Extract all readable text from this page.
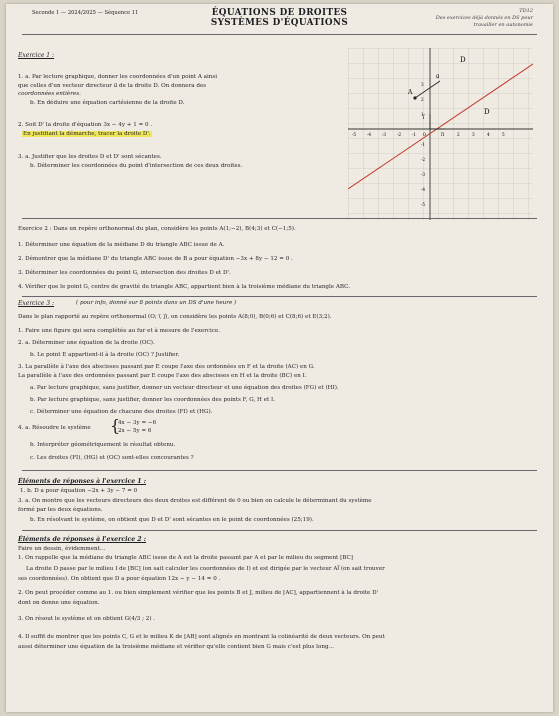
Seconde 1 — 2024/2025 — Séquence 11	ÉQUATIONS DE DROITES
SYSTÈMES D'ÉQUATIONS
TD12
Des exercices déjà donnés en DS pour travailler en autonomie
Exercice 1 :
1. a. Par lecture graphique, donner les coordonnées d'un point A ainsi
que celles d'un vecteur directeur u⃗ de la droite D. On donnera des
coordonnées entières.
b. En déduire une équation cartésienne de la droite D.
2. Soit D' la droite d'équation 3x − 4y + 1 = 0 .
En justifiant la démarche, tracer la droite D'.
3. a. Justifier que les droites D et D' sont sécantes.
b. Déterminer les coordonnées du point d'intersection de ces deux droites.
D
A
u⃗
j⃗
0	i⃗
D
-5	-4	-3	-2	-1	1	2	3	4	5
3
2
1
-1
-2
-3
-4
-5
Exercice 2 : Dans un repère orthonormal du plan, considère les points A(1;−2), B(4;3) et C(−1;5).
1. Déterminer une équation de la médiane D du triangle ABC issue de A.
2. Démontrer que la médiane D' du triangle ABC issue de B a pour équation −3x + 8y − 12 = 0 .
3. Déterminer les coordonnées du point G, intersection des droites D et D'.
4. Vérifier que le point G, centre de gravité du triangle ABC, appartient bien à la troisième médiane du triangle ABC.
Exercice 3 :	( pour info, donné sur 8 points dans un DS d'une heure )
Dans le plan rapporté au repère orthonormal (O; i⃗, j⃗), on considère les points A(8;0), B(0;6) et C(8;6) et E(3;2).
1. Faire une figure qui sera complétée au fur et à mesure de l'exercice.
2. a. Déterminer une équation de la droite (OC).
b. Le point E appartient-il à la droite (OC) ? Justifier.
3. La parallèle à l'axe des abscisses passant par E coupe l'axe des ordonnées en F et la droite (AC) en G.
La parallèle à l'axe des ordonnées passant par E coupe l'axe des abscisses en H et la droite (BC) en I.
a. Par lecture graphique, sans justifier, donner un vecteur directeur et une équation des droites (FG) et (HI).
b. Par lecture graphique, sans justifier, donner les coordonnées des points F, G, H et I.
c. Déterminer une équation de chacune des droites (FI) et (HG).
4. a. Résoudre le système {
4x − 3y = −6
2x − 5y = 6
b. Interpréter géométriquement le résultat obtenu.
c. Les droites (FI), (HG) et (OC) sont-elles concourantes ?
Éléments de réponses à l'exercice 1 :
1. b. D a pour équation −2x + 3y − 7 = 0
3. a. On montre que les vecteurs directeurs des deux droites est différent de 0 ou bien on calcule le déterminant du système
formé par les deux équations.
b. En résolvant le système, on obtient que D et D' sont sécantes en le point de coordonnées (25;19).
Éléments de réponses à l'exercice 2 :
Faire un dessin, évidemment...
1. On rappelle que la médiane du triangle ABC issue de A est la droite passant par A et par le milieu du segment [BC]
La droite D passe par le milieu I de [BC] (on sait calculer les coordonnées de I) et est dirigée par le vecteur AI⃗ (on sait trouver
ses coordonnées). On obtient que D a pour équation 12x − y − 14 = 0 .
2. On peut procéder comme au 1. ou bien simplement vérifier que les points B et J, milieu de [AC], appartiennent à la droite D'
dont on donne une équation.
3. On résout le système et on obtient G(4/3 ; 2) .
4. Il suffit de montrer que les points C, G et le milieu K de [AB] sont alignés en montrant la colinéarité de deux vecteurs. On peut
aussi déterminer une équation de la troisième médiane et vérifier qu'elle contient bien G mais c'est plus long...
